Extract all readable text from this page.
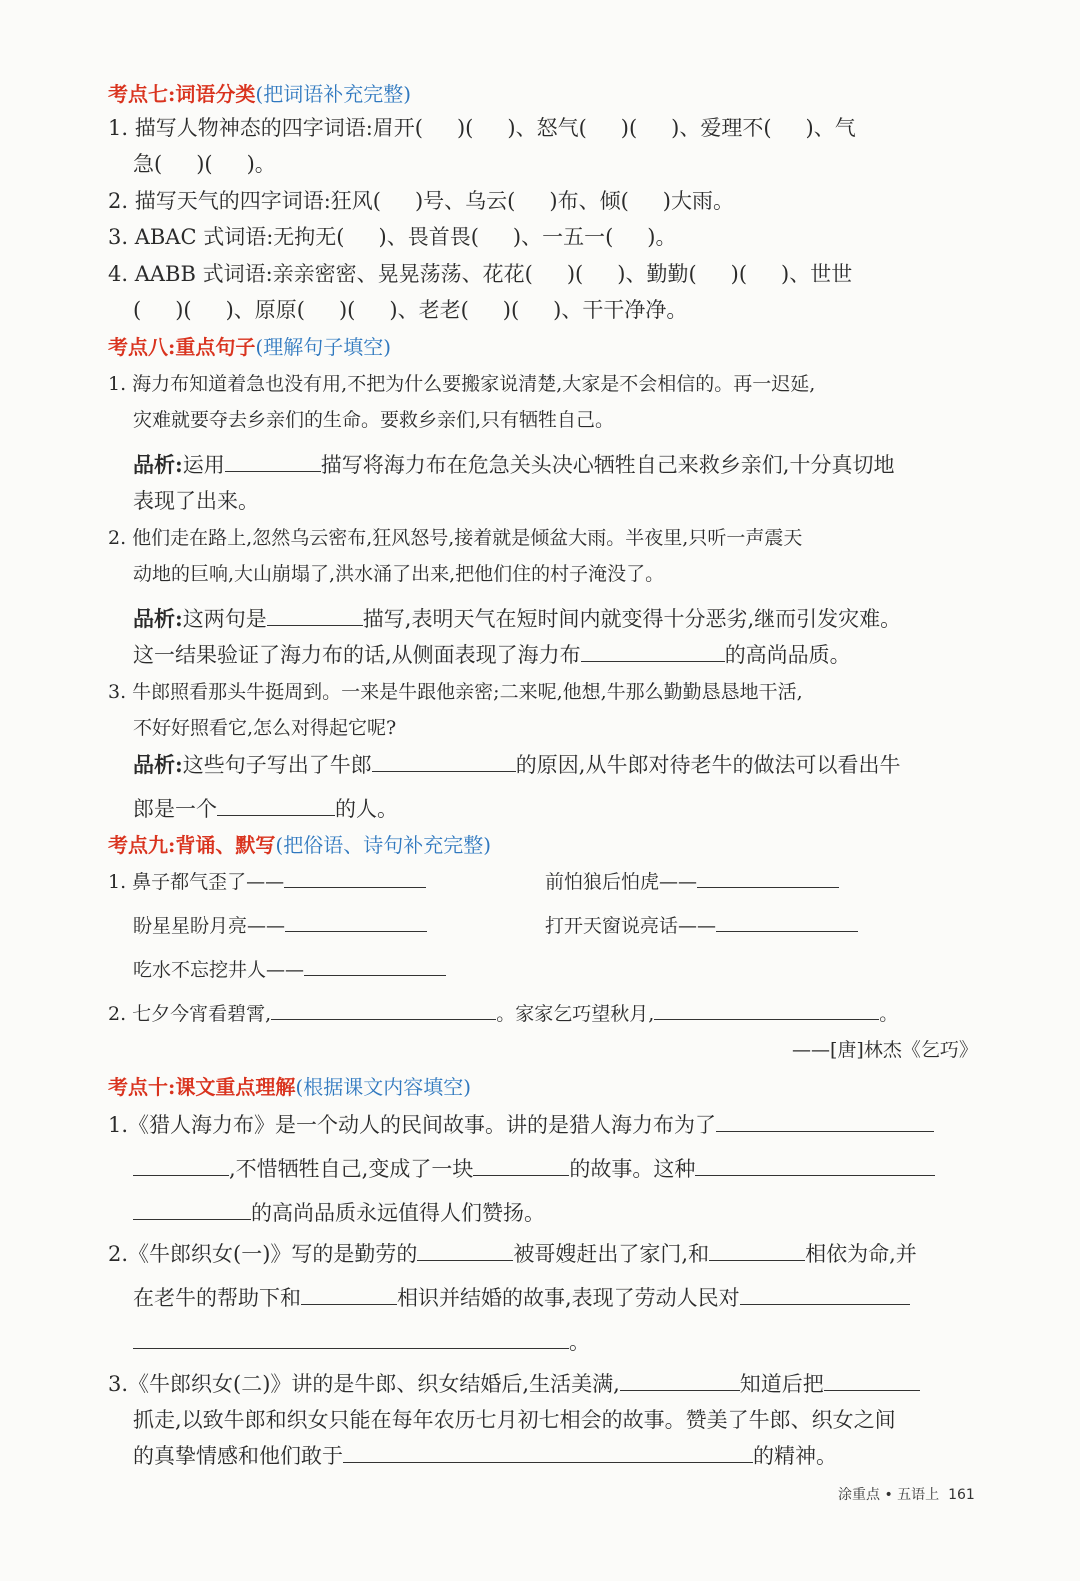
考点七:词语分类(把词语补充完整)
1. 描写人物神态的四字词语:眉开( )( )、怒气( )( )、爱理不( )、气
急( )( )。
2. 描写天气的四字词语:狂风( )号、乌云( )布、倾( )大雨。
3. ABAC 式词语:无拘无( )、畏首畏( )、一五一( )。
4. AABB 式词语:亲亲密密、晃晃荡荡、花花( )( )、勤勤( )( )、世世
( )( )、原原( )( )、老老( )( )、干干净净。
考点八:重点句子(理解句子填空)
1. 海力布知道着急也没有用,不把为什么要搬家说清楚,大家是不会相信的。再一迟延,
灾难就要夺去乡亲们的生命。要救乡亲们,只有牺牲自己。
品析:运用	描写将海力布在危急关头决心牺牲自己来救乡亲们,十分真切地
表现了出来。
2. 他们走在路上,忽然乌云密布,狂风怒号,接着就是倾盆大雨。半夜里,只听一声震天
动地的巨响,大山崩塌了,洪水涌了出来,把他们住的村子淹没了。
品析:这两句是	描写,表明天气在短时间内就变得十分恶劣,继而引发灾难。
这一结果验证了海力布的话,从侧面表现了海力布	的高尚品质。
3. 牛郎照看那头牛挺周到。一来是牛跟他亲密;二来呢,他想,牛那么勤勤恳恳地干活,
不好好照看它,怎么对得起它呢?
品析:这些句子写出了牛郎	的原因,从牛郎对待老牛的做法可以看出牛
郎是一个	的人。
考点九:背诵、默写(把俗语、诗句补充完整)
1. 鼻子都气歪了——	前怕狼后怕虎——
盼星星盼月亮——	打开天窗说亮话——
吃水不忘挖井人——
2. 七夕今宵看碧霄,	。家家乞巧望秋月,	。
——[唐]林杰《乞巧》
考点十:课文重点理解(根据课文内容填空)
1.《猎人海力布》是一个动人的民间故事。讲的是猎人海力布为了
,不惜牺牲自己,变成了一块	的故事。这种
的高尚品质永远值得人们赞扬。
2.《牛郎织女(一)》写的是勤劳的	被哥嫂赶出了家门,和	相依为命,并
在老牛的帮助下和	相识并结婚的故事,表现了劳动人民对
。
3.《牛郎织女(二)》讲的是牛郎、织女结婚后,生活美满,	知道后把
抓走,以致牛郎和织女只能在每年农历七月初七相会的故事。赞美了牛郎、织女之间
的真挚情感和他们敢于	的精神。
涂重点 • 五语上 161
